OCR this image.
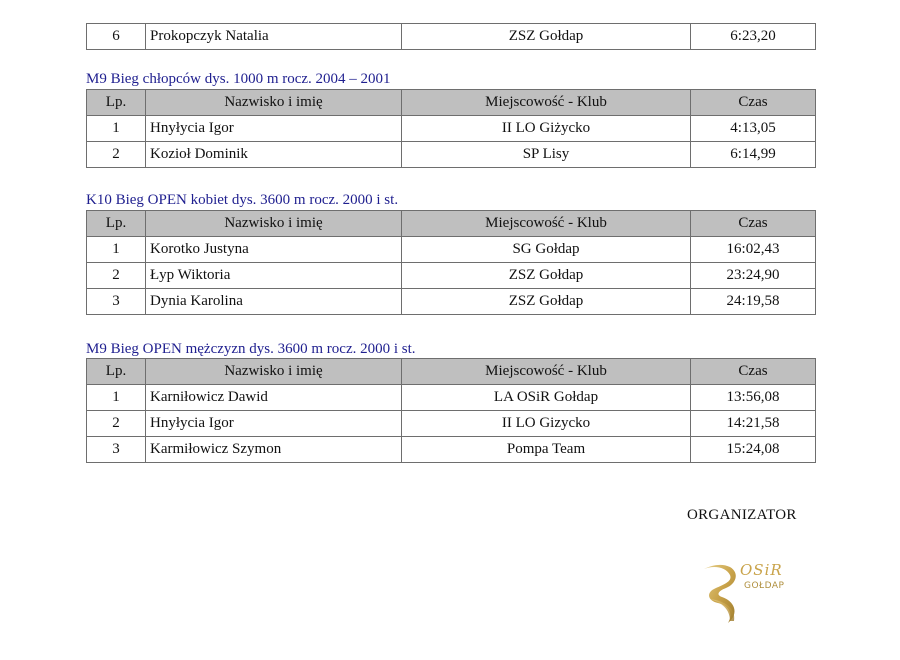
6	Prokopczyk Natalia	ZSZ Gołdap	6:23,20
M9 Bieg chłopców dys. 1000 m rocz. 2004 – 2001
Lp.	Nazwisko i imię	Miejscowość - Klub	Czas
1	Hnyłycia Igor	II LO Giżycko	4:13,05
2	Kozioł Dominik	SP Lisy	6:14,99
K10 Bieg OPEN kobiet dys. 3600 m rocz. 2000 i st.
Lp.	Nazwisko i imię	Miejscowość - Klub	Czas
1	Korotko Justyna	SG Gołdap	16:02,43
2	Łyp Wiktoria	ZSZ Gołdap	23:24,90
3	Dynia Karolina	ZSZ Gołdap	24:19,58
M9 Bieg OPEN mężczyzn dys. 3600 m rocz. 2000 i st.
Lp.	Nazwisko i imię	Miejscowość - Klub	Czas
1	Karniłowicz Dawid	LA OSiR Gołdap	13:56,08
2	Hnyłycia Igor	II LO Gizycko	14:21,58
3	Karmiłowicz Szymon	Pompa Team	15:24,08
ORGANIZATOR
OSiR
GOŁDAP
